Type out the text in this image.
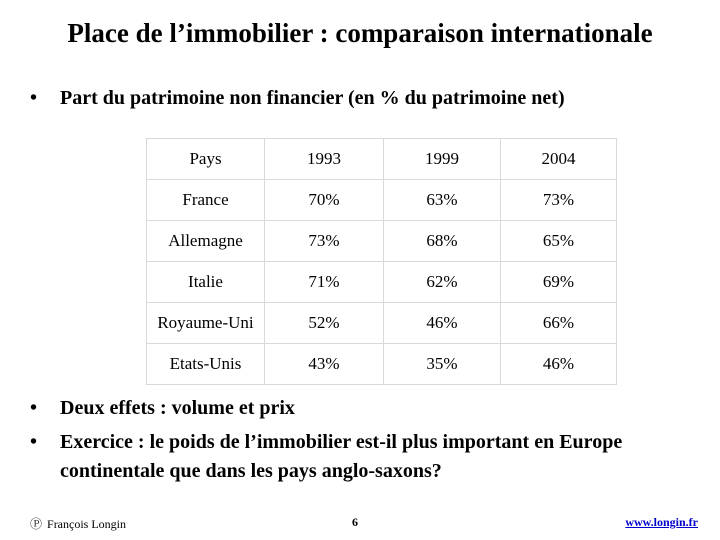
Place de l’immobilier : comparaison internationale
•	Part du patrimoine non financier (en % du patrimoine net)
Pays	1993	1999	2004
France	70%	63%	73%
Allemagne	73%	68%	65%
Italie	71%	62%	69%
Royaume-Uni	52%	46%	66%
Etats-Unis	43%	35%	46%
•	Deux effets : volume et prix
•	Exercice : le poids de l’immobilier est-il plus important en Europe continentale que dans les pays anglo-saxons?
Ⓟ François Longin	6	www.longin.fr
